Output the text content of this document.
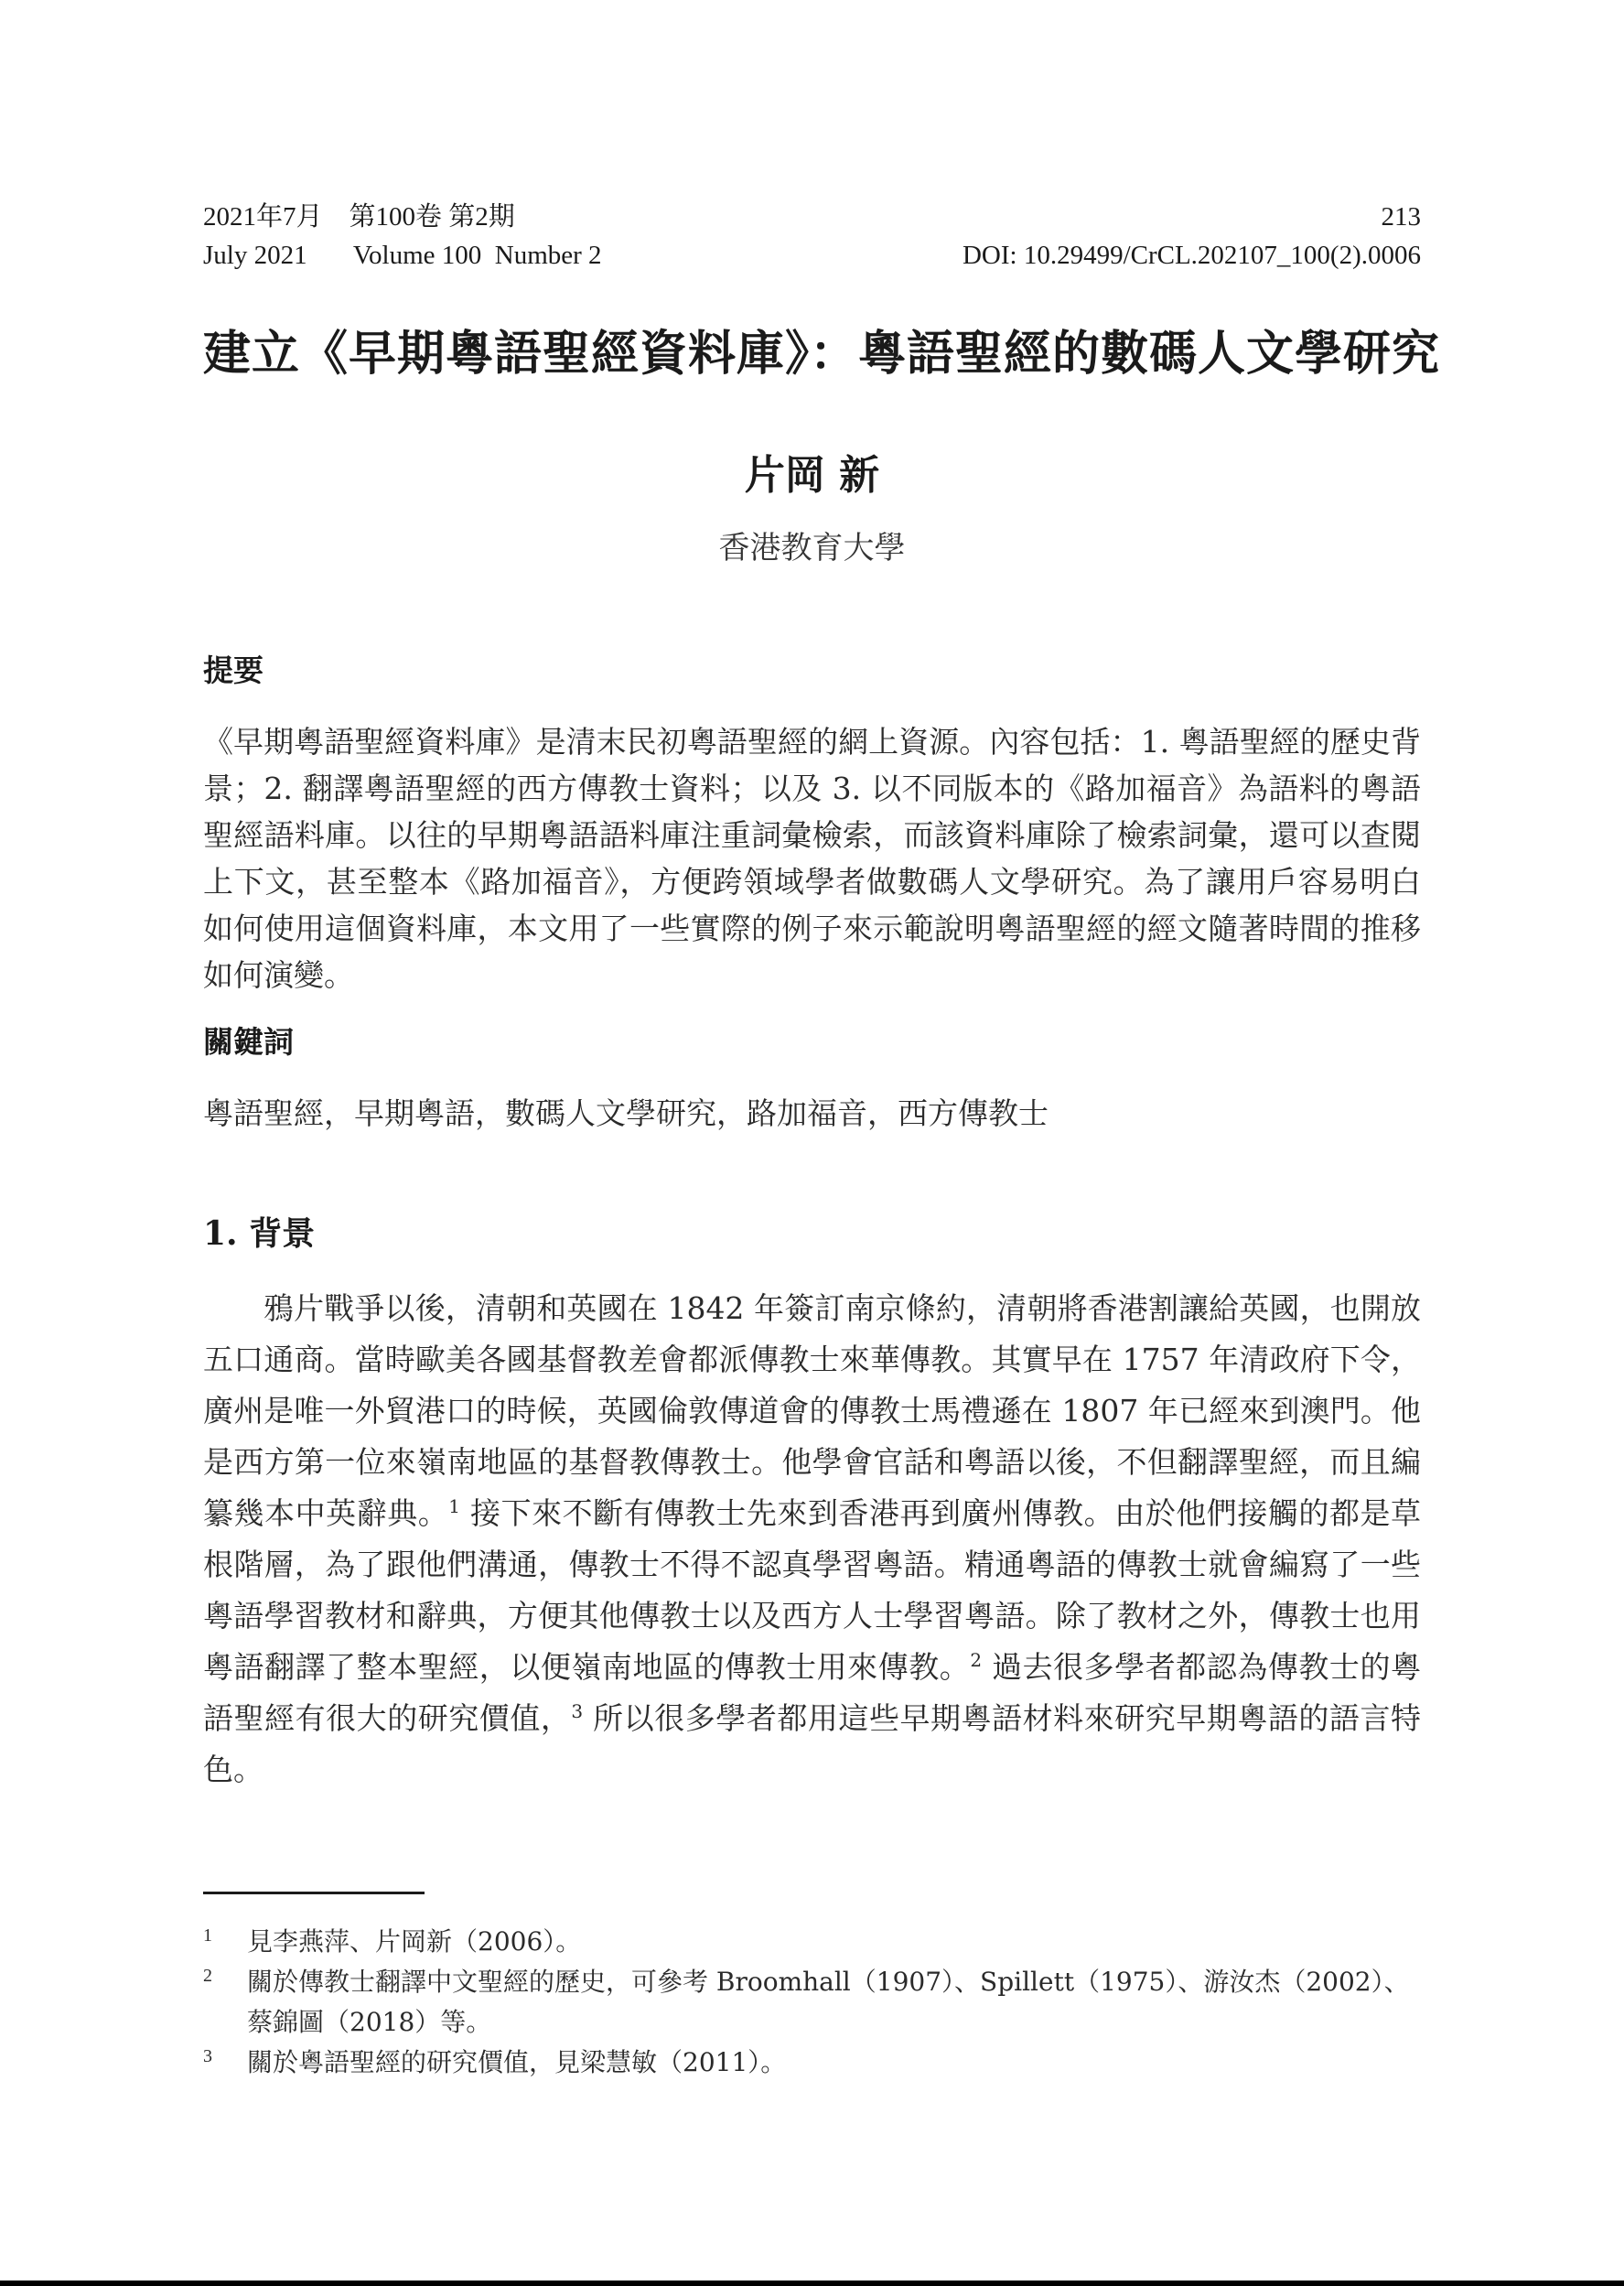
2021年7月 第100卷 第2期	213
July 2021 Volume 100 Number 2	DOI: 10.29499/CrCL.202107_100(2).0006
建立《早期粵語聖經資料庫》：粵語聖經的數碼人文學研究
片岡 新
香港教育大學
提要

《早期粵語聖經資料庫》是清末民初粵語聖經的網上資源。內容包括：1. 粵語聖經的歷史背景；2. 翻譯粵語聖經的西方傳教士資料；以及 3. 以不同版本的《路加福音》為語料的粵語聖經語料庫。以往的早期粵語語料庫注重詞彙檢索，而該資料庫除了檢索詞彙，還可以查閱上下文，甚至整本《路加福音》，方便跨領域學者做數碼人文學研究。為了讓用戶容易明白如何使用這個資料庫，本文用了一些實際的例子來示範說明粵語聖經的經文隨著時間的推移如何演變。

關鍵詞

粵語聖經，早期粵語，數碼人文學研究，路加福音，西方傳教士

1. 背景

鴉片戰爭以後，清朝和英國在 1842 年簽訂南京條約，清朝將香港割讓給英國，也開放五口通商。當時歐美各國基督教差會都派傳教士來華傳教。其實早在 1757 年清政府下令，廣州是唯一外貿港口的時候，英國倫敦傳道會的傳教士馬禮遜在 1807 年已經來到澳門。他是西方第一位來嶺南地區的基督教傳教士。他學會官話和粵語以後，不但翻譯聖經，而且編纂幾本中英辭典。$^1$ 接下來不斷有傳教士先來到香港再到廣州傳教。由於他們接觸的都是草根階層，為了跟他們溝通，傳教士不得不認真學習粵語。精通粵語的傳教士就會編寫了一些粵語學習教材和辭典，方便其他傳教士以及西方人士學習粵語。除了教材之外，傳教士也用粵語翻譯了整本聖經，以便嶺南地區的傳教士用來傳教。$^2$ 過去很多學者都認為傳教士的粵語聖經有很大的研究價值，$^3$ 所以很多學者都用這些早期粵語材料來研究早期粵語的語言特色。

1	見李燕萍、片岡新（2006）。
2	關於傳教士翻譯中文聖經的歷史，可參考 Broomhall（1907）、Spillett（1975）、游汝杰（2002）、蔡錦圖（2018）等。
3	關於粵語聖經的研究價值，見梁慧敏（2011）。
